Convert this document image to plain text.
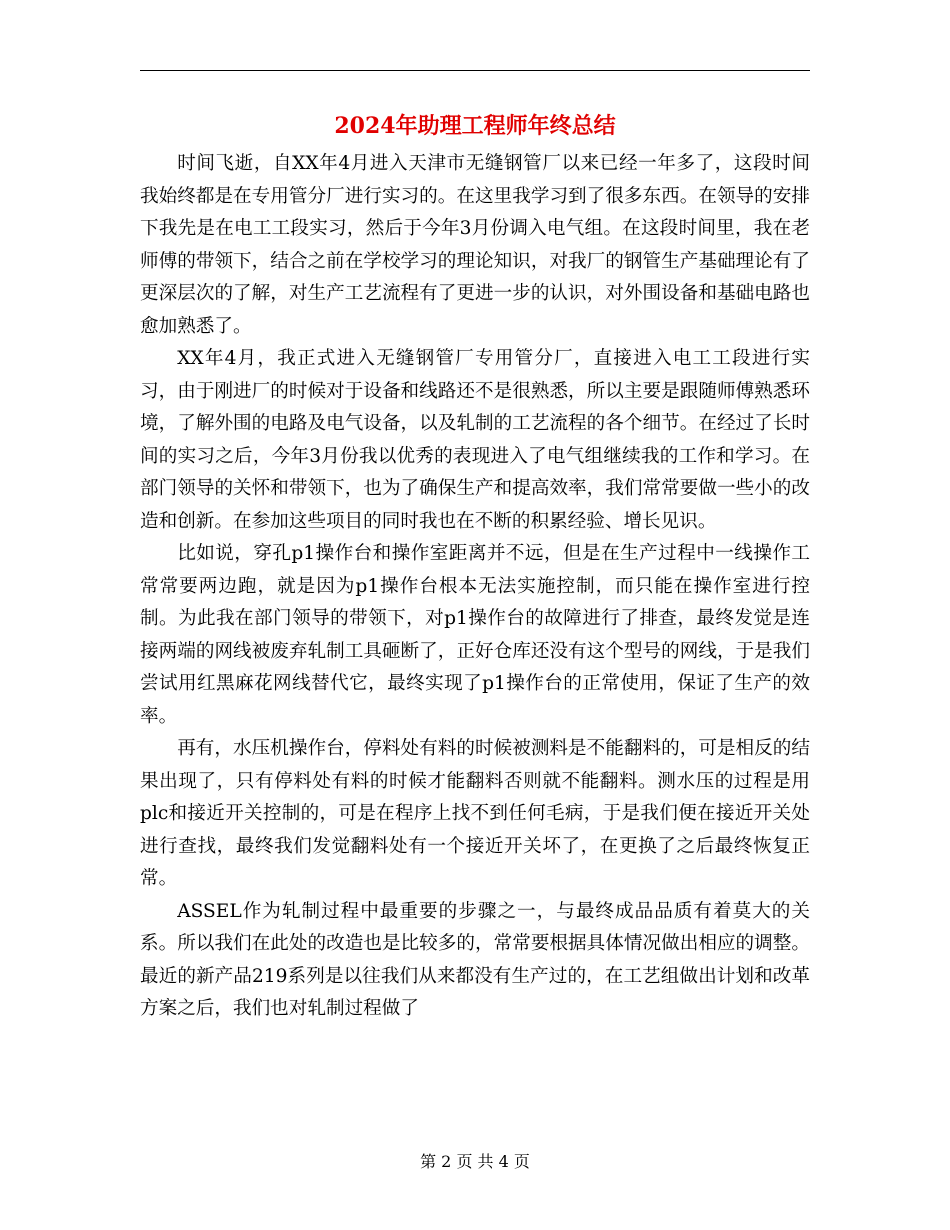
2024年助理工程师年终总结

时间飞逝，自XX年4月进入天津市无缝钢管厂以来已经一年多了，这段时间我始终都是在专用管分厂进行实习的。在这里我学习到了很多东西。在领导的安排下我先是在电工工段实习，然后于今年3月份调入电气组。在这段时间里，我在老师傅的带领下，结合之前在学校学习的理论知识，对我厂的钢管生产基础理论有了更深层次的了解，对生产工艺流程有了更进一步的认识，对外围设备和基础电路也愈加熟悉了。

XX年4月，我正式进入无缝钢管厂专用管分厂，直接进入电工工段进行实习，由于刚进厂的时候对于设备和线路还不是很熟悉，所以主要是跟随师傅熟悉环境，了解外围的电路及电气设备，以及轧制的工艺流程的各个细节。在经过了长时间的实习之后，今年3月份我以优秀的表现进入了电气组继续我的工作和学习。在部门领导的关怀和带领下，也为了确保生产和提高效率，我们常常要做一些小的改造和创新。在参加这些项目的同时我也在不断的积累经验、增长见识。

比如说，穿孔p1操作台和操作室距离并不远，但是在生产过程中一线操作工常常要两边跑，就是因为p1操作台根本无法实施控制，而只能在操作室进行控制。为此我在部门领导的带领下，对p1操作台的故障进行了排查，最终发觉是连接两端的网线被废弃轧制工具砸断了，正好仓库还没有这个型号的网线，于是我们尝试用红黑麻花网线替代它，最终实现了p1操作台的正常使用，保证了生产的效率。

再有，水压机操作台，停料处有料的时候被测料是不能翻料的，可是相反的结果出现了，只有停料处有料的时候才能翻料否则就不能翻料。测水压的过程是用plc和接近开关控制的，可是在程序上找不到任何毛病，于是我们便在接近开关处进行查找，最终我们发觉翻料处有一个接近开关坏了，在更换了之后最终恢复正常。

ASSEL作为轧制过程中最重要的步骤之一，与最终成品品质有着莫大的关系。所以我们在此处的改造也是比较多的，常常要根据具体情况做出相应的调整。最近的新产品219系列是以往我们从来都没有生产过的，在工艺组做出计划和改革方案之后，我们也对轧制过程做了

第 2 页 共 4 页
